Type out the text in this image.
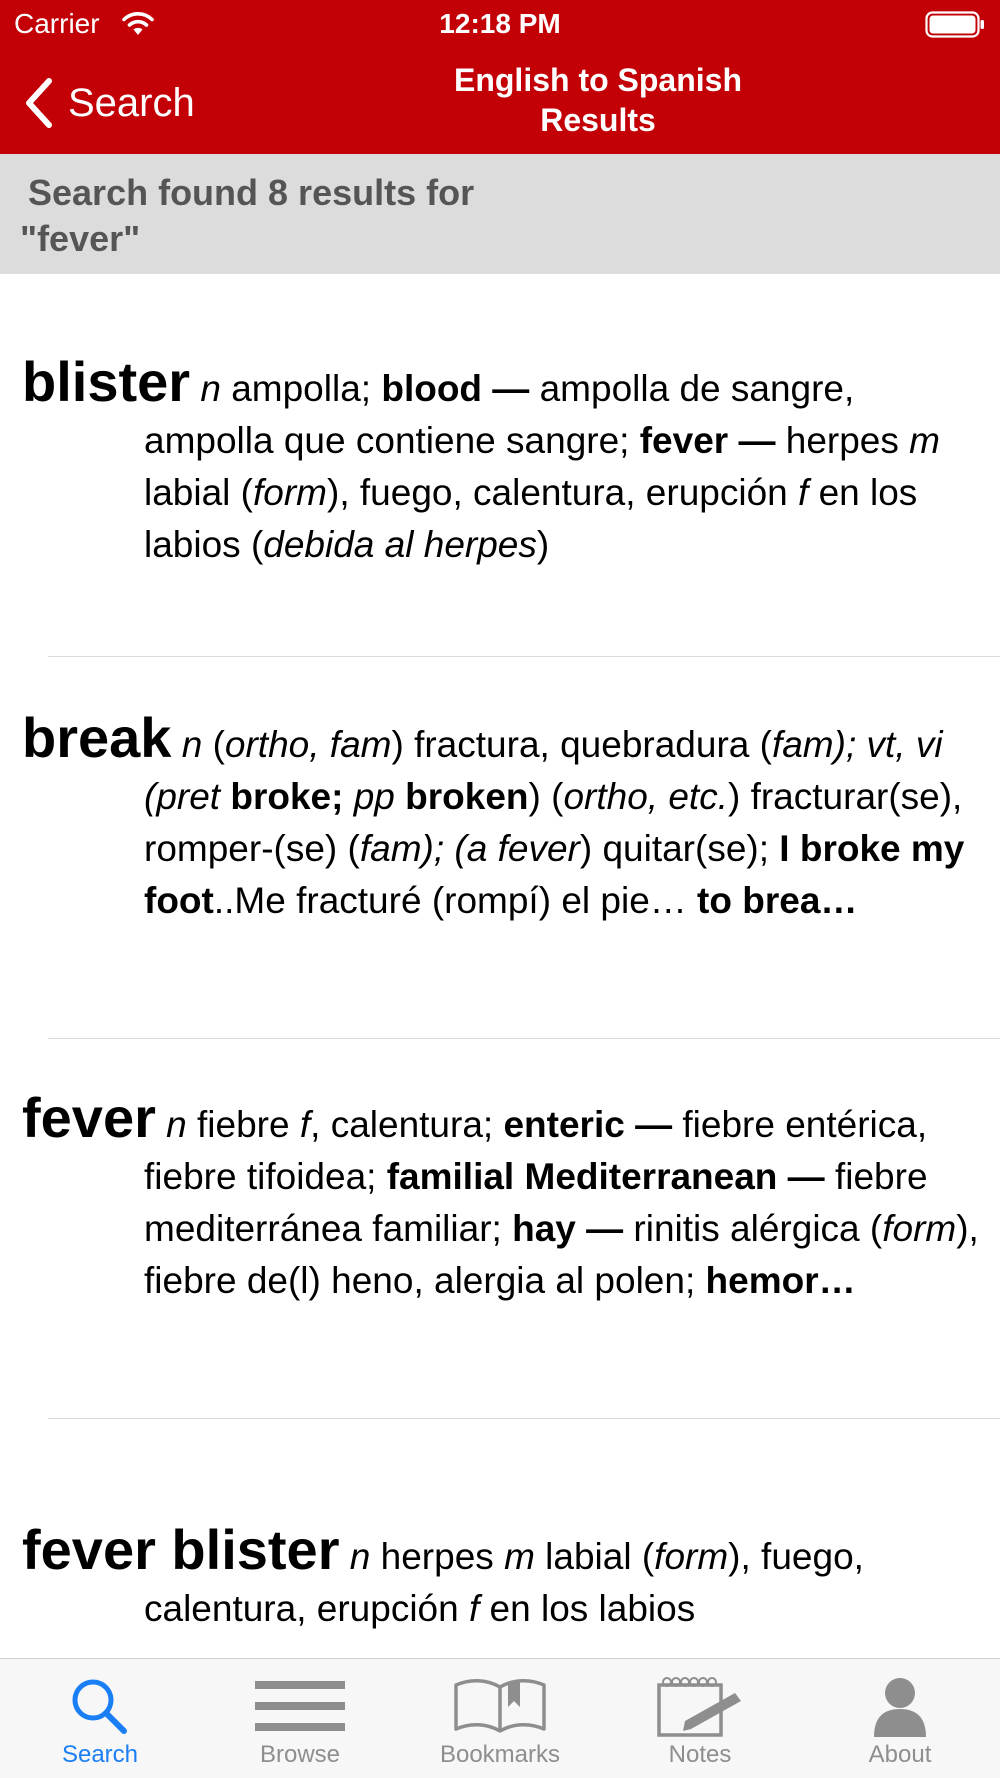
Carrier	12:18 PM
Search
English to Spanish
Results
Search found 8 results for
"fever"
blister n ampolla; blood — ampolla de sangre, ampolla que contiene sangre; fever — herpes m labial (form), fuego, calentura, erupción f en los labios (debida al herpes)
break n (ortho, fam) fractura, quebradura (fam); vt, vi (pret broke; pp broken) (ortho, etc.) fracturar(se), romper-(se) (fam); (a fever) quitar(se); I broke my foot..Me fracturé (rompí) el pie… to brea…
fever n fiebre f, calentura; enteric — fiebre entérica, fiebre tifoidea; familial Mediterranean — fiebre mediterránea familiar; hay — rinitis alérgica (form), fiebre de(l) heno, alergia al polen; hemor…
fever blister n herpes m labial (form), fuego, calentura, erupción f en los labios
Search	Browse	Bookmarks	Notes	About
